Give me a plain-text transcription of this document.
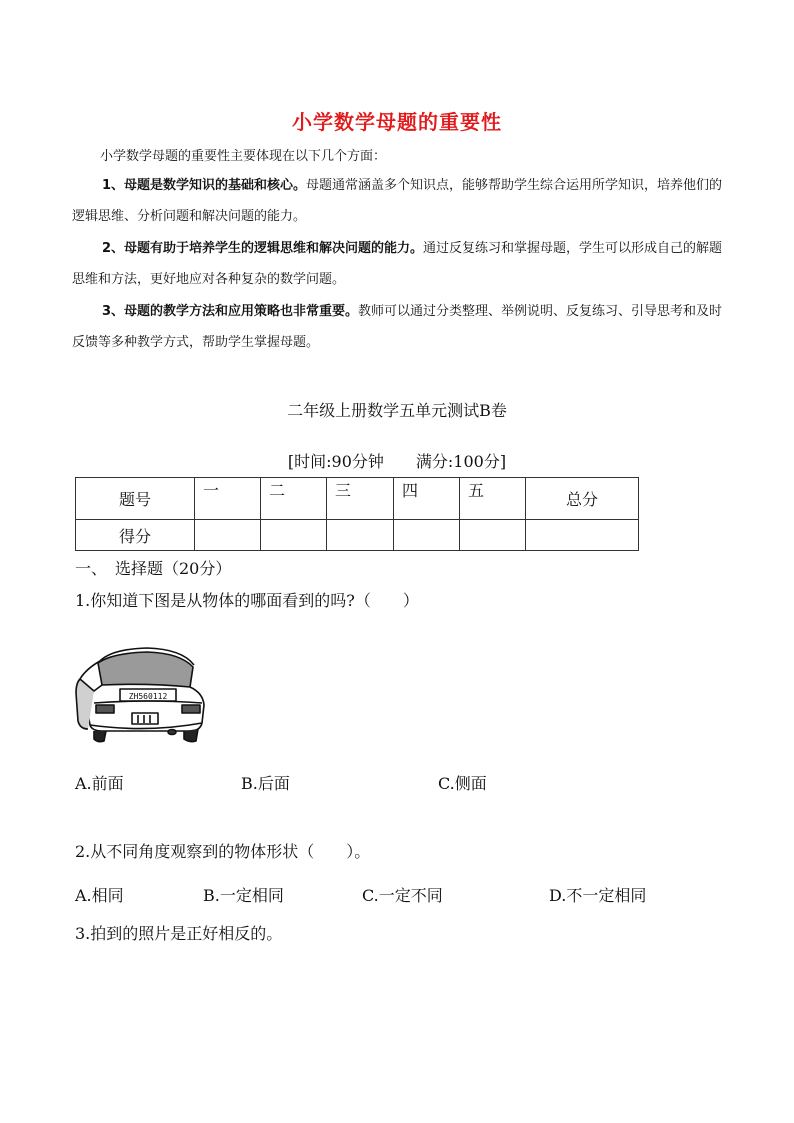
小学数学母题的重要性
小学数学母题的重要性主要体现在以下几个方面：
1、母题是数学知识的基础和核心。母题通常涵盖多个知识点，能够帮助学生综合运用所学知识，培养他们的逻辑思维、分析问题和解决问题的能力。
2、母题有助于培养学生的逻辑思维和解决问题的能力。通过反复练习和掌握母题，学生可以形成自己的解题思维和方法，更好地应对各种复杂的数学问题。
3、母题的教学方法和应用策略也非常重要。教师可以通过分类整理、举例说明、反复练习、引导思考和及时反馈等多种教学方式，帮助学生掌握母题。
二年级上册数学五单元测试B卷
[时间:90分钟　　满分:100分]
题号	一	二	三	四	五	总分
得分						
一、　选择题（20分）
1.你知道下图是从物体的哪面看到的吗?（　　）
ZH560112
A.前面	B.后面	C.侧面
2.从不同角度观察到的物体形状（　　）。
A.相同	B.一定相同	C.一定不同	D.不一定相同
3.拍到的照片是正好相反的。
